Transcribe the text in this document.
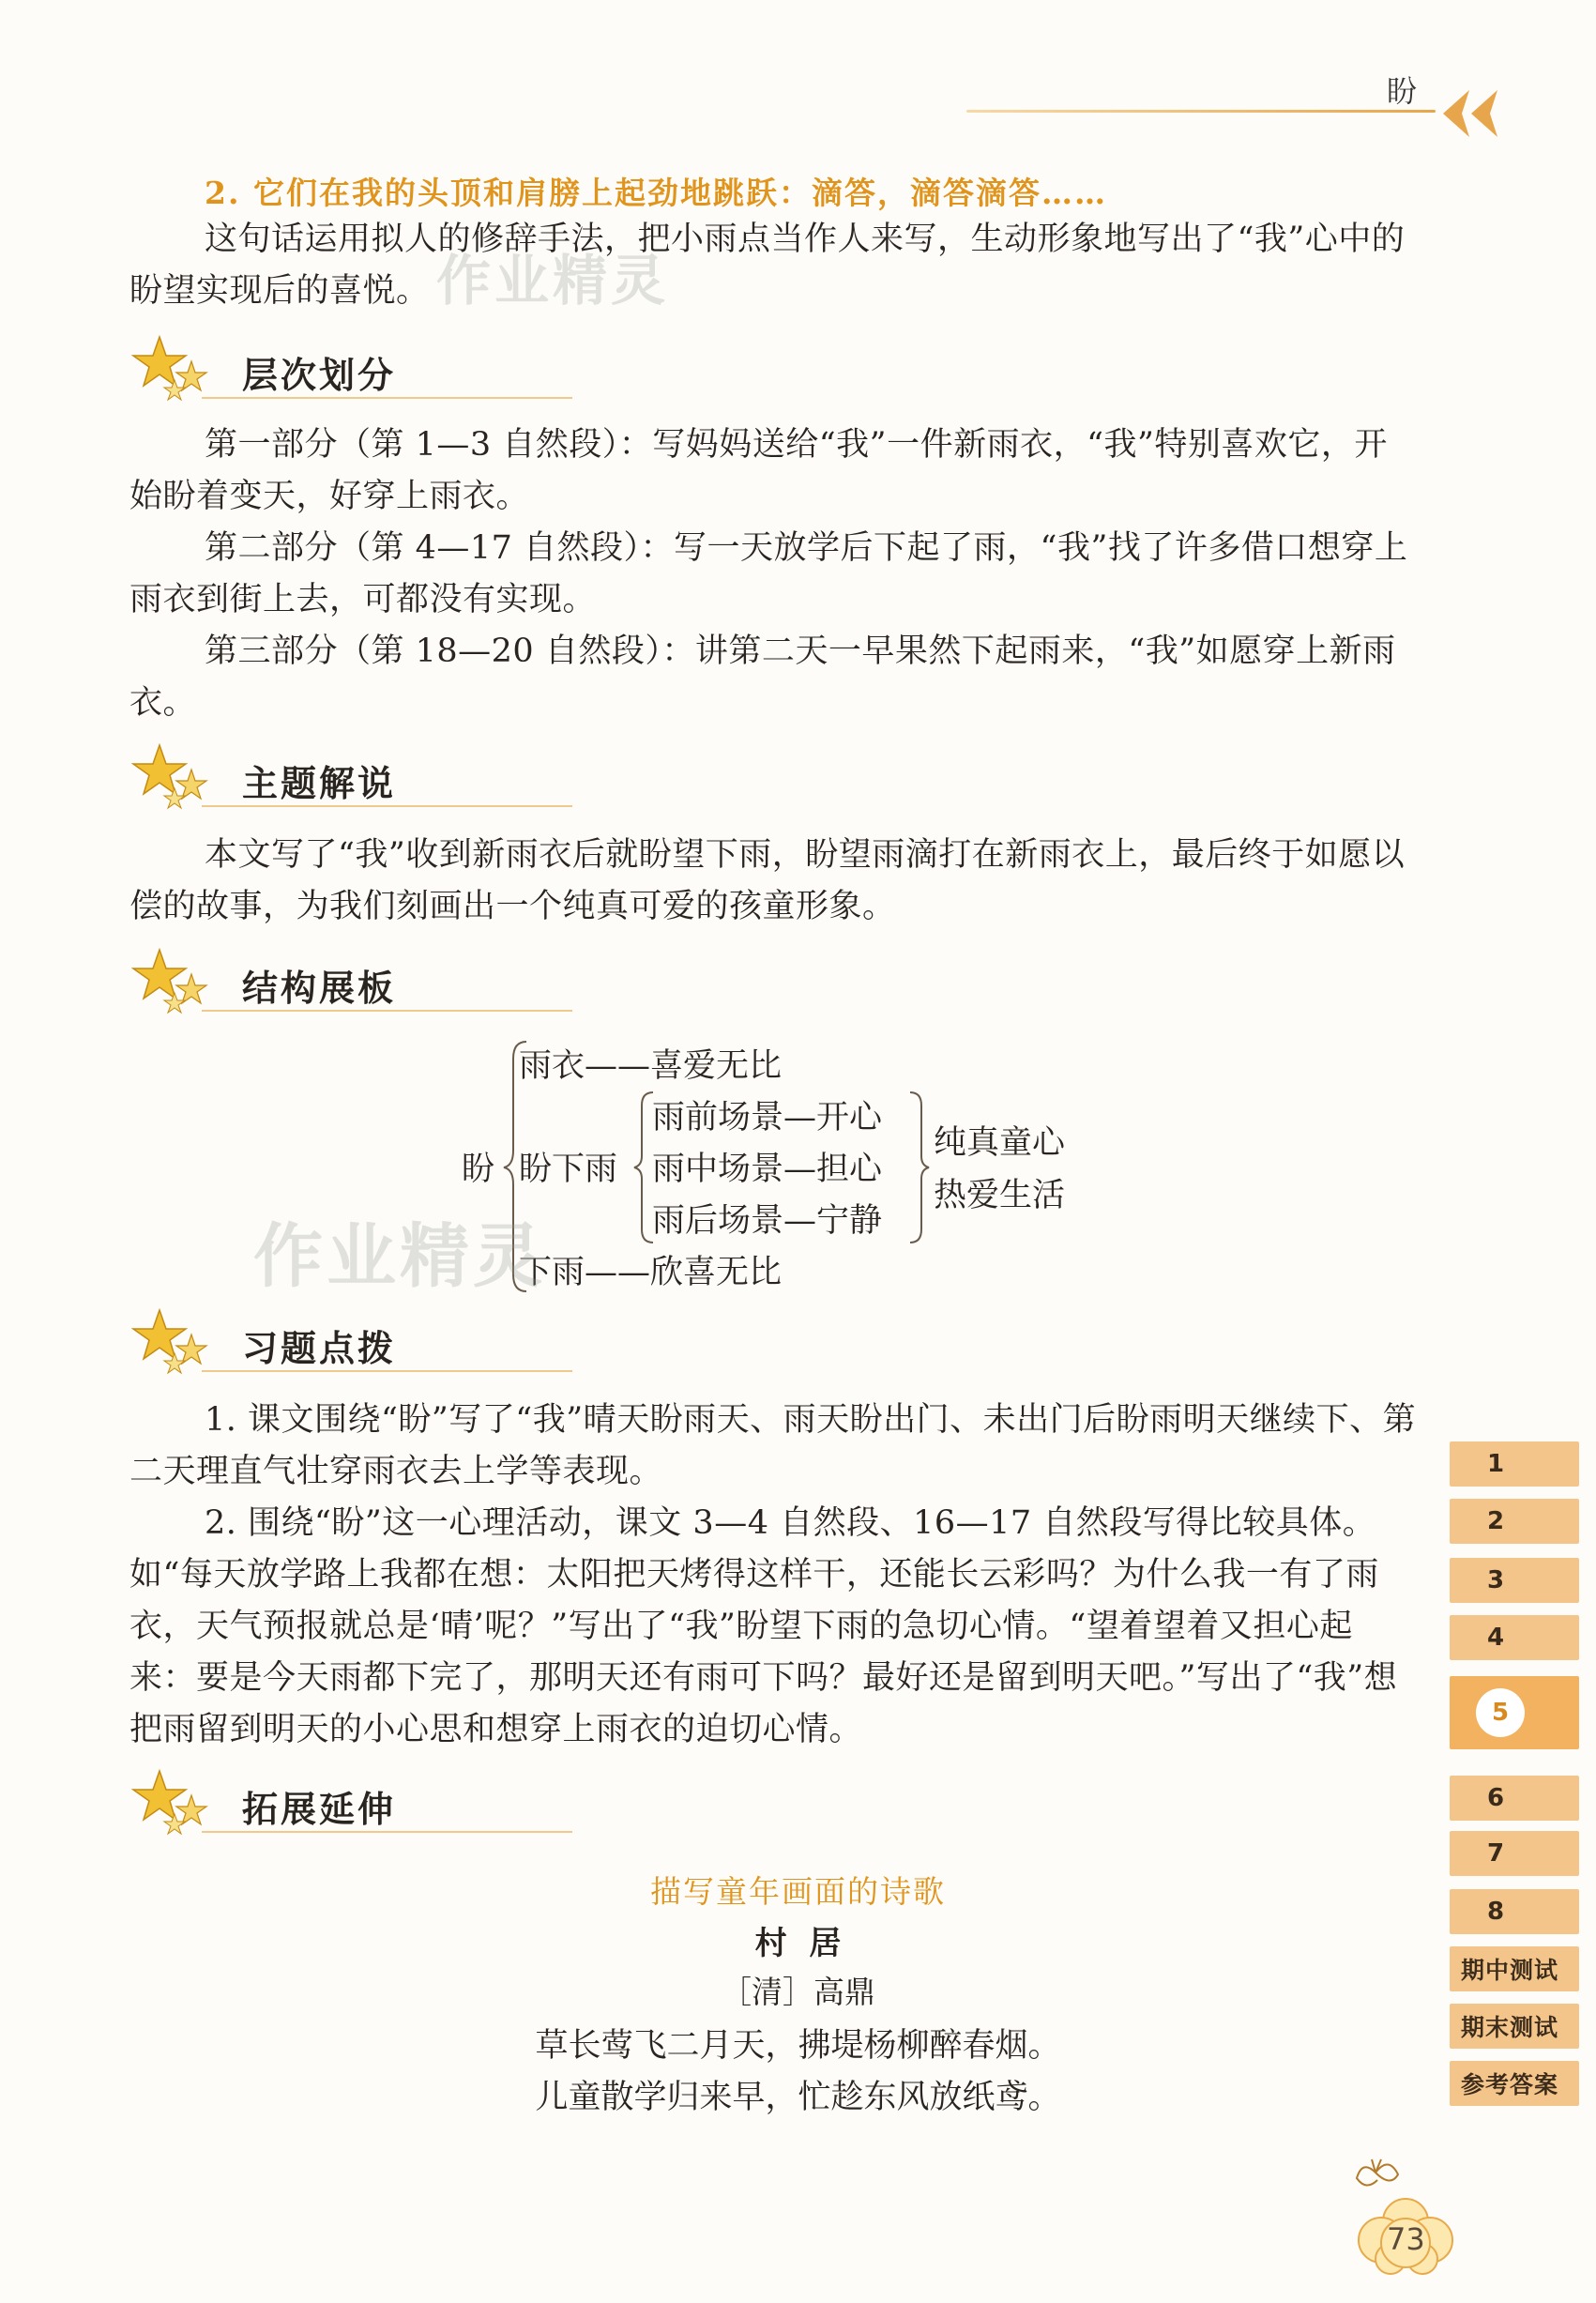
盼
2. 它们在我的头顶和肩膀上起劲地跳跃：滴答，滴答滴答……
这句话运用拟人的修辞手法，把小雨点当作人来写，生动形象地写出了“我”心中的盼望实现后的喜悦。
层次划分
第一部分（第 1—3 自然段）：写妈妈送给“我”一件新雨衣，“我”特别喜欢它，开始盼着变天，好穿上雨衣。
第二部分（第 4—17 自然段）：写一天放学后下起了雨，“我”找了许多借口想穿上雨衣到街上去，可都没有实现。
第三部分（第 18—20 自然段）：讲第二天一早果然下起雨来，“我”如愿穿上新雨衣。
主题解说
本文写了“我”收到新雨衣后就盼望下雨，盼望雨滴打在新雨衣上，最后终于如愿以偿的故事，为我们刻画出一个纯真可爱的孩童形象。
结构展板
盼
雨衣——喜爱无比
盼下雨
雨前场景—开心
雨中场景—担心
雨后场景—宁静
纯真童心
热爱生活
下雨——欣喜无比
习题点拨
1. 课文围绕“盼”写了“我”晴天盼雨天、雨天盼出门、未出门后盼雨明天继续下、第二天理直气壮穿雨衣去上学等表现。
2. 围绕“盼”这一心理活动，课文 3—4 自然段、16—17 自然段写得比较具体。如“每天放学路上我都在想：太阳把天烤得这样干，还能长云彩吗？为什么我一有了雨衣，天气预报就总是‘晴’呢？”写出了“我”盼望下雨的急切心情。“望着望着又担心起来：要是今天雨都下完了，那明天还有雨可下吗？最好还是留到明天吧。”写出了“我”想把雨留到明天的小心思和想穿上雨衣的迫切心情。
拓展延伸
描写童年画面的诗歌
村  居
［清］高鼎
草长莺飞二月天，拂堤杨柳醉春烟。
儿童散学归来早，忙趁东风放纸鸢。
作业精灵
作业精灵
1
2
3
4
5
6
7
8
期中测试
期末测试
参考答案
73
